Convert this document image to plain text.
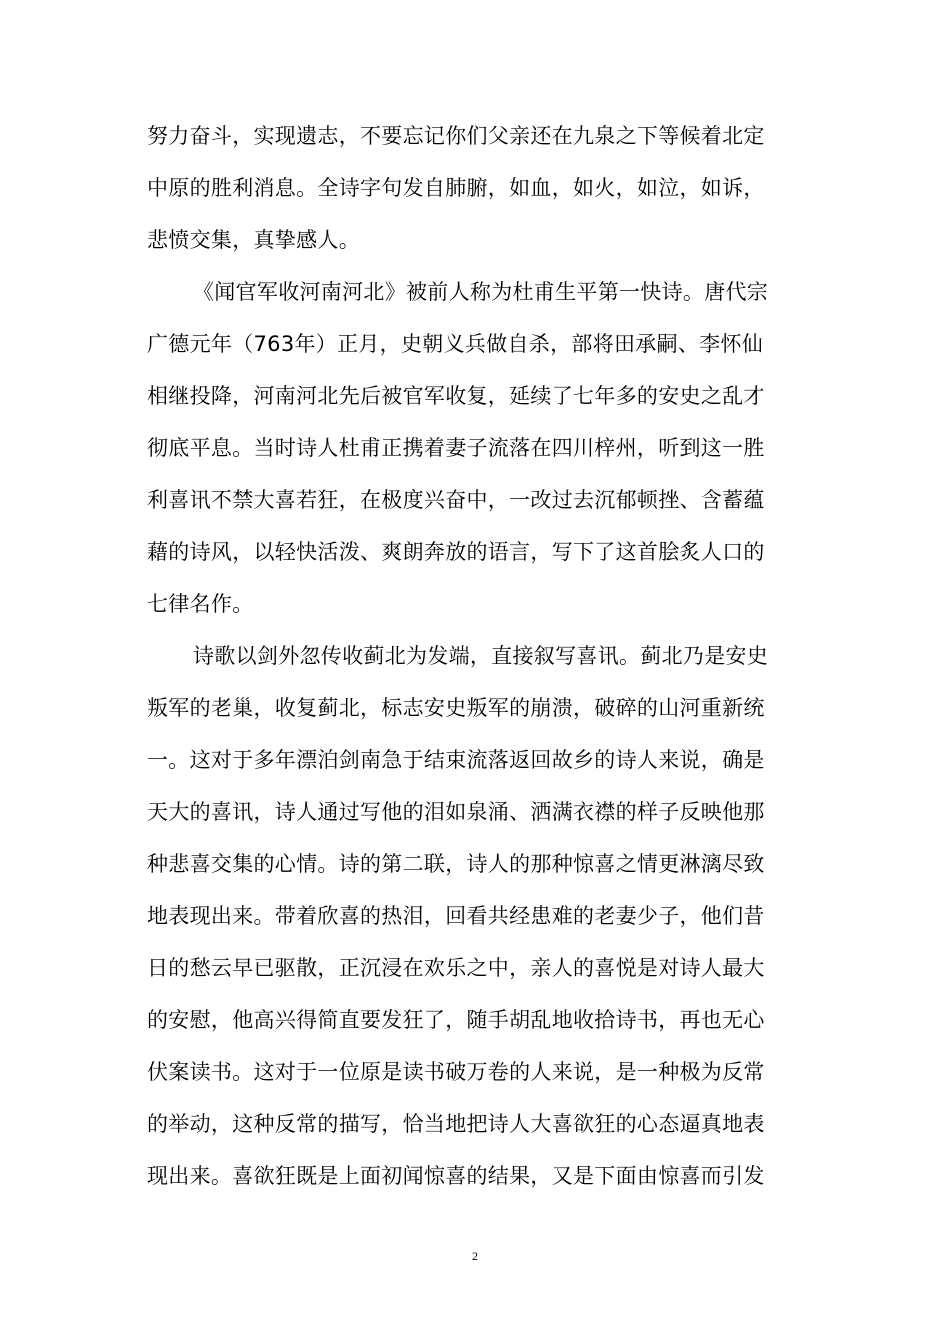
努力奋斗，实现遗志，不要忘记你们父亲还在九泉之下等候着北定
中原的胜利消息。全诗字句发自肺腑，如血，如火，如泣，如诉，
悲愤交集，真挚感人。
《闻官军收河南河北》被前人称为杜甫生平第一快诗。唐代宗
广德元年（763年）正月，史朝义兵做自杀，部将田承嗣、李怀仙
相继投降，河南河北先后被官军收复，延续了七年多的安史之乱才
彻底平息。当时诗人杜甫正携着妻子流落在四川梓州，听到这一胜
利喜讯不禁大喜若狂，在极度兴奋中，一改过去沉郁顿挫、含蓄蕴
藉的诗风，以轻快活泼、爽朗奔放的语言，写下了这首脍炙人口的
七律名作。
诗歌以剑外忽传收蓟北为发端，直接叙写喜讯。蓟北乃是安史
叛军的老巢，收复蓟北，标志安史叛军的崩溃，破碎的山河重新统
一。这对于多年漂泊剑南急于结束流落返回故乡的诗人来说，确是
天大的喜讯，诗人通过写他的泪如泉涌、洒满衣襟的样子反映他那
种悲喜交集的心情。诗的第二联，诗人的那种惊喜之情更淋漓尽致
地表现出来。带着欣喜的热泪，回看共经患难的老妻少子，他们昔
日的愁云早已驱散，正沉浸在欢乐之中，亲人的喜悦是对诗人最大
的安慰，他高兴得简直要发狂了，随手胡乱地收拾诗书，再也无心
伏案读书。这对于一位原是读书破万卷的人来说，是一种极为反常
的举动，这种反常的描写，恰当地把诗人大喜欲狂的心态逼真地表
现出来。喜欲狂既是上面初闻惊喜的结果，又是下面由惊喜而引发
2
